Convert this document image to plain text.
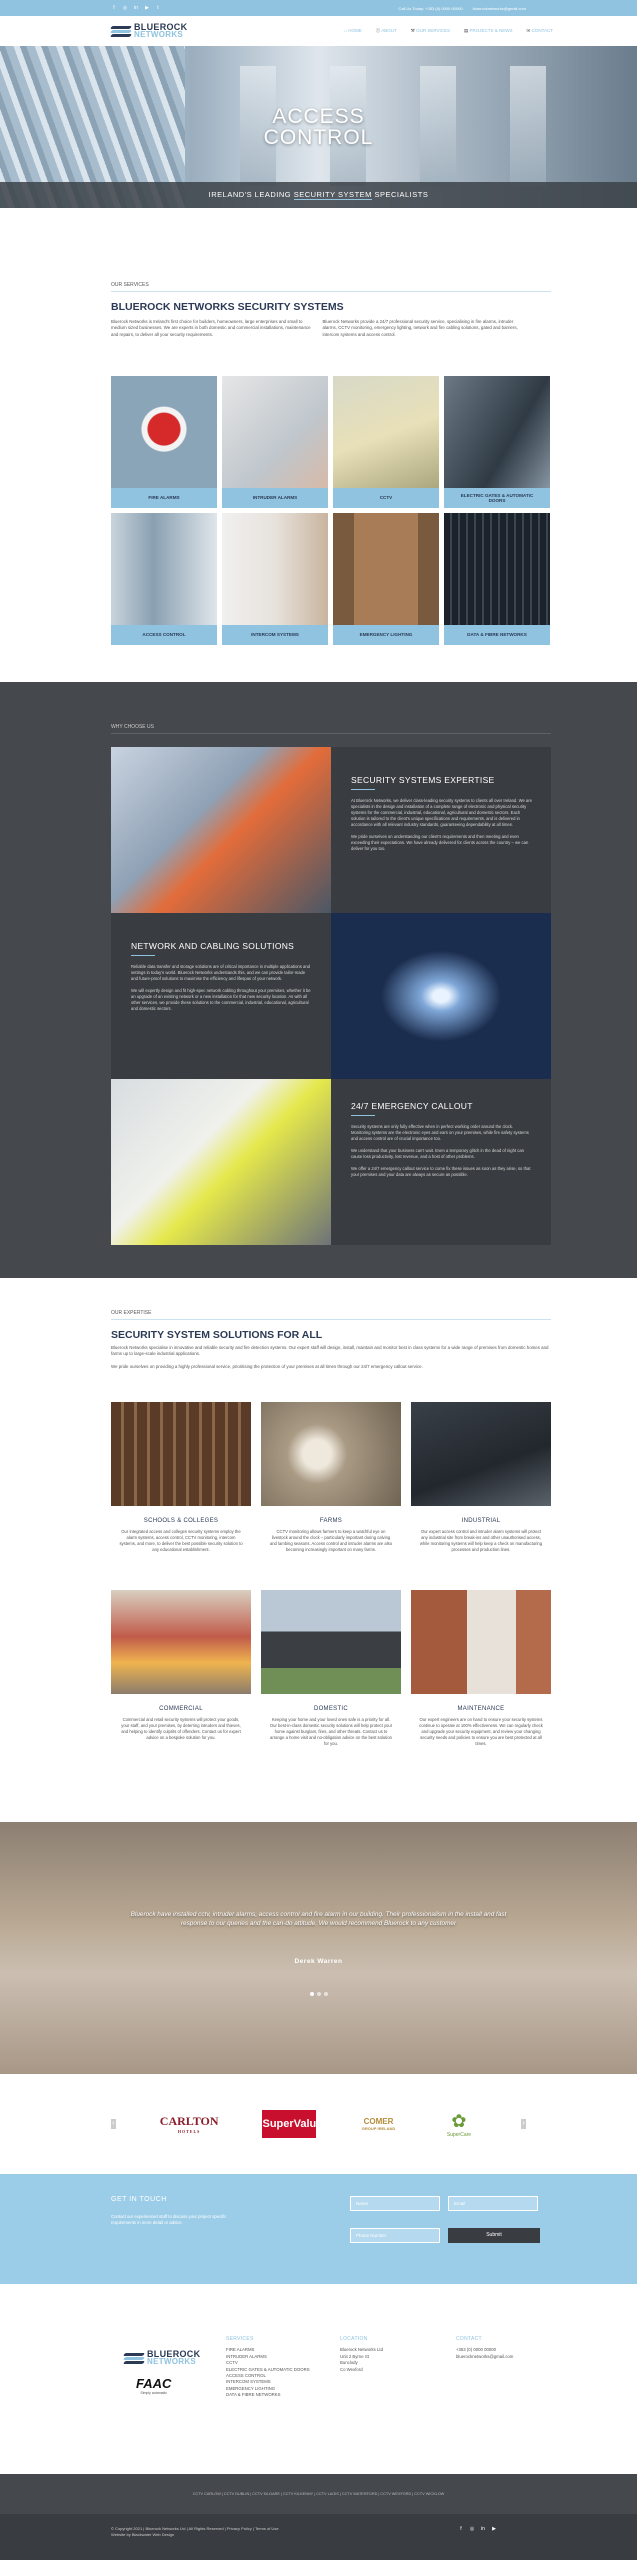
f	◎ in ▶	t	Call Us Today: +353 (0) 0000 00000	bluerocknetworks@gmail.com
BLUEROCK
NETWORKS	⌂ HOME	Ⓘ ABOUT	⚒ OUR SERVICES	▤ PROJECTS & NEWS	✉ CONTACT
ACCESS
CONTROL
IRELAND'S LEADING SECURITY SYSTEM SPECIALISTS
OUR SERVICES
BLUEROCK NETWORKS SECURITY SYSTEMS
Bluerock Networks is Ireland's first choice for builders, homeowners, large enterprises and small to medium sized businesses. We are experts in both domestic and commercial installations, maintenance and repairs, to deliver all your security requirements.
Bluerock Networks provide a 24/7 professional security service, specialising in fire alarms, intruder alarms, CCTV monitoring, emergency lighting, network and fire cabling solutions, gated and barriers, intercom systems and access control.
FIRE ALARMS	INTRUDER ALARMS	CCTV
ELECTRIC GATES & AUTOMATIC DOORS
ACCESS CONTROL	INTERCOM SYSTEMS	EMERGENCY LIGHTING	DATA & FIBRE NETWORKS
WHY CHOOSE US
SECURITY SYSTEMS EXPERTISE
At Bluerock Networks, we deliver class-leading security systems to clients all over Ireland. We are specialists in the design and installation of a complete range of electronic and physical security systems for the commercial, industrial, educational, agricultural and domestic sectors. Each solution is tailored to the client's unique specifications and requirements, and is delivered in accordance with all relevant industry standards, guaranteeing dependability at all times.
We pride ourselves on understanding our client's requirements and then meeting and even exceeding their expectations. We have already delivered for clients across the country – we can deliver for you too.
NETWORK AND CABLING SOLUTIONS
Reliable data transfer and storage solutions are of critical importance in multiple applications and settings in today's world. Bluerock Networks understands this, and we can provide tailor-made and future-proof solutions to maximise the efficiency and lifespan of your network.
We will expertly design and fit high-spec network cabling throughout your premises, whether it be an upgrade of an existing network or a new installation for that new security location. As with all other services, we provide these solutions to the commercial, industrial, educational, agricultural and domestic sectors.
24/7 EMERGENCY CALLOUT
Security systems are only fully effective when in perfect working order around the clock. Monitoring systems are the electronic eyes and ears on your premises, while fire safety systems and access control are of crucial importance too.
We understand that your business can't wait. Even a temporary glitch in the dead of night can cause loss productivity, lost revenue, and a host of other problems.
We offer a 24/7 emergency callout service to come fix these issues as soon as they arise, so that your premises and your data are always as secure as possible.
OUR EXPERTISE
SECURITY SYSTEM SOLUTIONS FOR ALL
Bluerock Networks specialise in innovative and reliable security and fire detection systems. Our expert staff will design, install, maintain and monitor best in class systems for a wide range of premises from domestic homes and farms up to large-scale industrial applications.
We pride ourselves on providing a highly professional service, prioritising the protection of your premises at all times through our 24/7 emergency callout service.
SCHOOLS & COLLEGES
Our integrated access and colleges security systems employ the alarm systems, access control, CCTV monitoring, intercom systems, and more, to deliver the best possible security solution to any educational establishment.
FARMS
CCTV monitoring allows farmers to keep a watchful eye on livestock around the clock – particularly important during calving and lambing seasons. Access control and intruder alarms are also becoming increasingly important on many farms.
INDUSTRIAL
Our expert access control and intruder alarm systems will protect any industrial site from break-ins and other unauthorised access, while monitoring systems will help keep a check on manufacturing processes and production lines.
COMMERCIAL
Commercial and retail security systems will protect your goods, your staff, and your premises, by deterring intruders and thieves, and helping to identify culprits of offenders. Contact us for expert advice on a bespoke solution for you.
DOMESTIC
Keeping your home and your loved ones safe is a priority for all. Our best-in-class domestic security solutions will help protect your home against burglars, fires, and other threats. Contact us to arrange a home visit and no-obligation advice on the best solution for you.
MAINTENANCE
Our expert engineers are on hand to ensure your security systems continue to operate at 100% effectiveness. We can regularly check and upgrade your security equipment, and review your changing security needs and policies to ensure you are best protected at all times.
Bluerock have installed cctv, intruder alarms, access control and fire alarm in our building. Their professionalism in the install and fast response to our queries and the can-do attitude. We would recommend Bluerock to any customer
Derek Warren
‹	CARLTON
HOTELS
SuperValu	COMER
GROUP IRELAND	✿
SuperCare
›
GET IN TOUCH
Contact our experienced staff to discuss your project specific requirements in more detail or advice.
Name	Email
Phone Number	Submit
BLUEROCK
NETWORKS
FAAC
Simply automatic
SERVICES
FIRE ALARMS
INTRUDER ALARMS
CCTV
ELECTRIC GATES & AUTOMATIC DOORS
ACCESS CONTROL
INTERCOM SYSTEMS
EMERGENCY LIGHTING
DATA & FIBRE NETWORKS
LOCATION
Bluerock Networks Ltd
Unit 2 Byrne St
Bunclody
Co Wexford
CONTACT
+353 (0) 0000 00000
bluerocknetworks@gmail.com
CCTV CARLOW | CCTV DUBLIN | CCTV KILDARE | CCTV KILKENNY | CCTV LAOIS | CCTV WATERFORD | CCTV WEXFORD | CCTV WICKLOW
© Copyright 2021 | Bluerock Networks Ltd | All Rights Reserved | Privacy Policy | Terms of Use
Website by Blackwater Web Design
f	◎ in ▶
